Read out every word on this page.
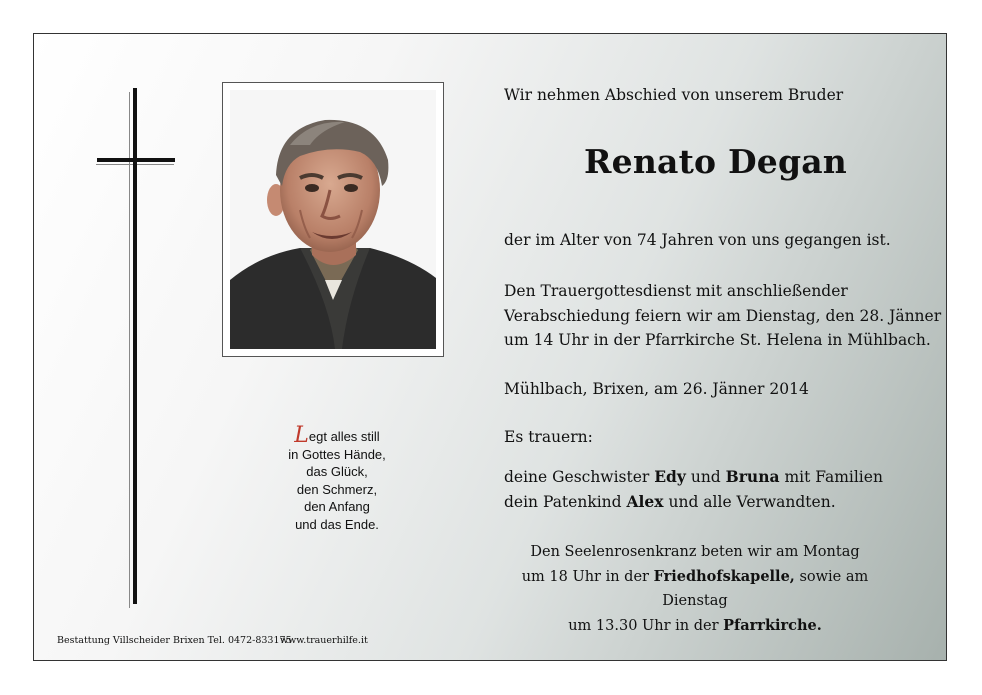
Legt alles still
in Gottes Hände,
das Glück,
den Schmerz,
den Anfang
und das Ende.
Wir nehmen Abschied von unserem Bruder
Renato Degan
der im Alter von 74 Jahren von uns gegangen ist.
Den Trauergottesdienst mit anschließender
Verabschiedung feiern wir am Dienstag, den 28. Jänner
um 14 Uhr in der Pfarrkirche St. Helena in Mühlbach.
Mühlbach, Brixen, am 26. Jänner 2014
Es trauern:
deine Geschwister Edy und Bruna mit Familien
dein Patenkind Alex und alle Verwandten.
Den Seelenrosenkranz beten wir am Montag
um 18 Uhr in der Friedhofskapelle, sowie am Dienstag
um 13.30 Uhr in der Pfarrkirche.
Bestattung Villscheider Brixen Tel. 0472-833175
www.trauerhilfe.it
